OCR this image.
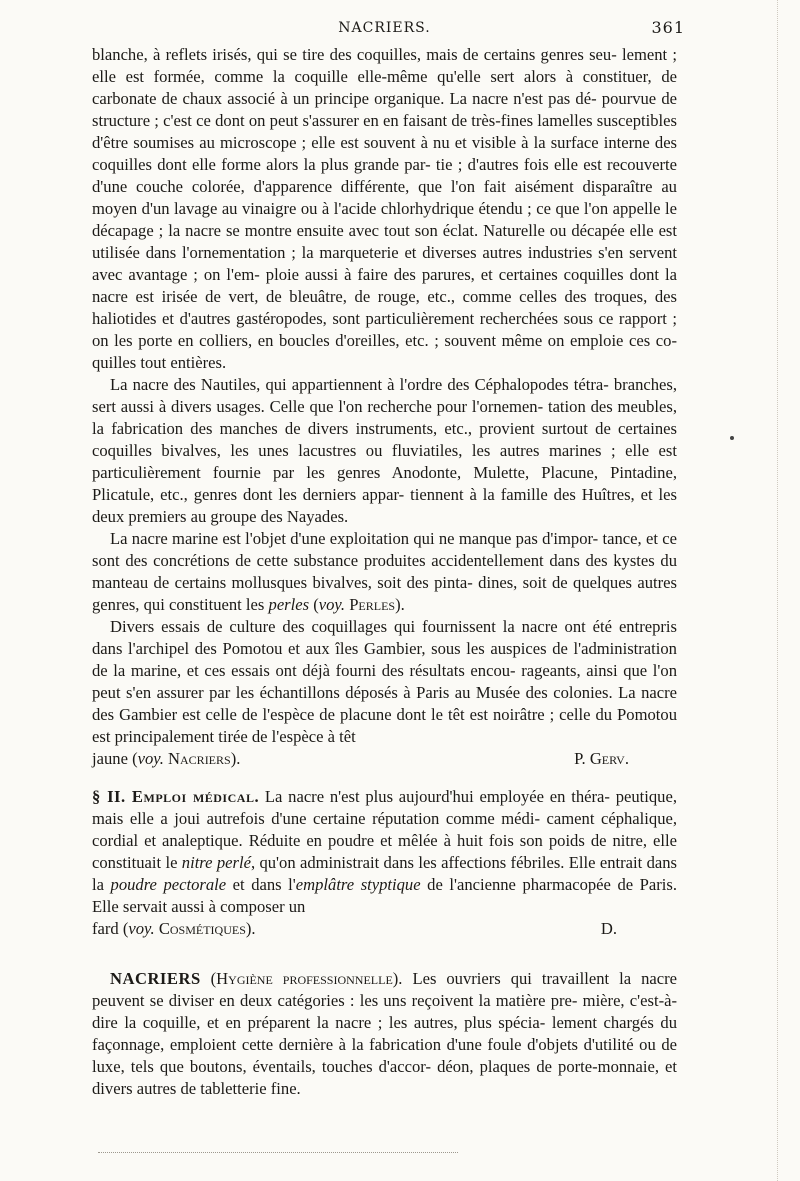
NACRIERS.	361

blanche, à reflets irisés, qui se tire des coquilles, mais de certains genres seu- lement ; elle est formée, comme la coquille elle-même qu'elle sert alors à constituer, de carbonate de chaux associé à un principe organique. La nacre n'est pas dé- pourvue de structure ; c'est ce dont on peut s'assurer en en faisant de très-fines lamelles susceptibles d'être soumises au microscope ; elle est souvent à nu et visible à la surface interne des coquilles dont elle forme alors la plus grande par- tie ; d'autres fois elle est recouverte d'une couche colorée, d'apparence différente, que l'on fait aisément disparaître au moyen d'un lavage au vinaigre ou à l'acide chlorhydrique étendu ; ce que l'on appelle le décapage ; la nacre se montre ensuite avec tout son éclat. Naturelle ou décapée elle est utilisée dans l'ornementation ; la marqueterie et diverses autres industries s'en servent avec avantage ; on l'em- ploie aussi à faire des parures, et certaines coquilles dont la nacre est irisée de vert, de bleuâtre, de rouge, etc., comme celles des troques, des haliotides et d'autres gastéropodes, sont particulièrement recherchées sous ce rapport ; on les porte en colliers, en boucles d'oreilles, etc. ; souvent même on emploie ces co- quilles tout entières.

La nacre des Nautiles, qui appartiennent à l'ordre des Céphalopodes tétra- branches, sert aussi à divers usages. Celle que l'on recherche pour l'ornemen- tation des meubles, la fabrication des manches de divers instruments, etc., provient surtout de certaines coquilles bivalves, les unes lacustres ou fluviatiles, les autres marines ; elle est particulièrement fournie par les genres Anodonte, Mulette, Placune, Pintadine, Plicatule, etc., genres dont les derniers appar- tiennent à la famille des Huîtres, et les deux premiers au groupe des Nayades.

La nacre marine est l'objet d'une exploitation qui ne manque pas d'impor- tance, et ce sont des concrétions de cette substance produites accidentellement dans des kystes du manteau de certains mollusques bivalves, soit des pinta- dines, soit de quelques autres genres, qui constituent les perles (voy. Perles).

Divers essais de culture des coquillages qui fournissent la nacre ont été entrepris dans l'archipel des Pomotou et aux îles Gambier, sous les auspices de l'administration de la marine, et ces essais ont déjà fourni des résultats encou- rageants, ainsi que l'on peut s'en assurer par les échantillons déposés à Paris au Musée des colonies. La nacre des Gambier est celle de l'espèce de placune dont le têt est noirâtre ; celle du Pomotou est principalement tirée de l'espèce à têt

jaune (voy. Nacriers).	P. Gerv.

§ II. Emploi médical. La nacre n'est plus aujourd'hui employée en théra- peutique, mais elle a joui autrefois d'une certaine réputation comme médi- cament céphalique, cordial et analeptique. Réduite en poudre et mêlée à huit fois son poids de nitre, elle constituait le nitre perlé, qu'on administrait dans les affections fébriles. Elle entrait dans la poudre pectorale et dans l'emplâtre styptique de l'ancienne pharmacopée de Paris. Elle servait aussi à composer un

fard (voy. Cosmétiques).	D.

NACRIERS (Hygiène professionnelle). Les ouvriers qui travaillent la nacre peuvent se diviser en deux catégories : les uns reçoivent la matière pre- mière, c'est-à-dire la coquille, et en préparent la nacre ; les autres, plus spécia- lement chargés du façonnage, emploient cette dernière à la fabrication d'une foule d'objets d'utilité ou de luxe, tels que boutons, éventails, touches d'accor- déon, plaques de porte-monnaie, et divers autres de tabletterie fine.
